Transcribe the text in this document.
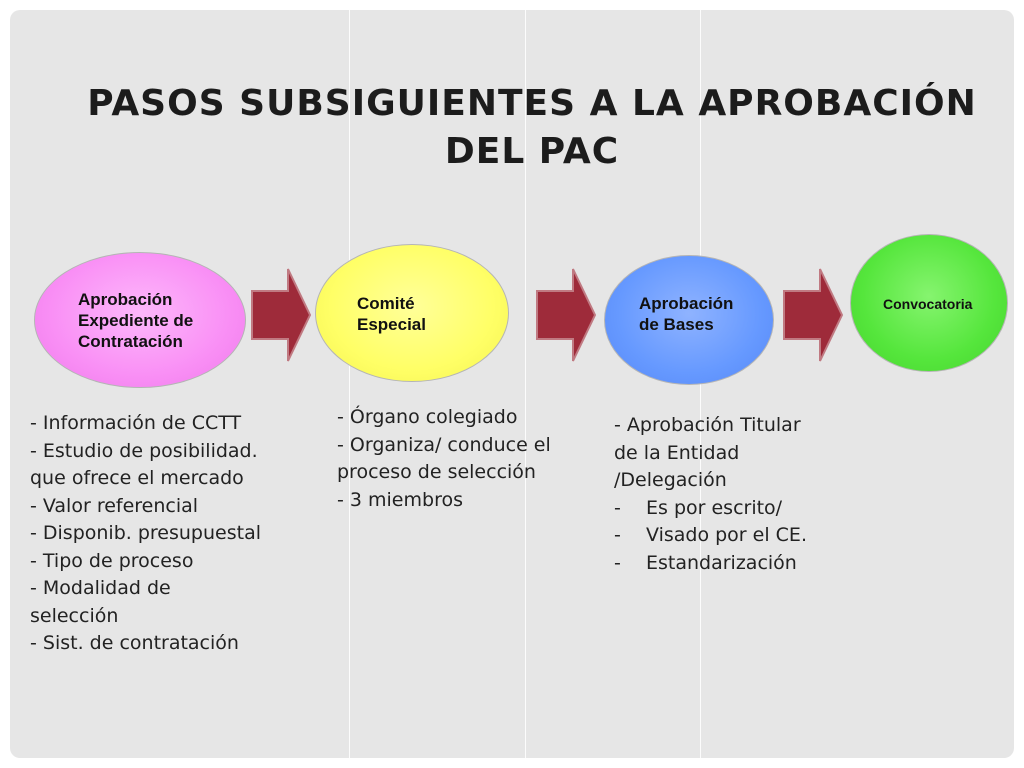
PASOS SUBSIGUIENTES A LA APROBACIÓN
DEL PAC
Aprobación
Expediente de
Contratación
Comité
Especial
Aprobación
de Bases
Convocatoria
- Información de CCTT
- Estudio de posibilidad.
que ofrece el mercado
- Valor referencial
- Disponib. presupuestal
- Tipo de proceso
- Modalidad de
selección
- Sist. de contratación
- Órgano colegiado
- Organiza/ conduce el
proceso de selección
- 3 miembros
- Aprobación Titular
de la Entidad
/Delegación
- Es por escrito/
- Visado por el CE.
- Estandarización
